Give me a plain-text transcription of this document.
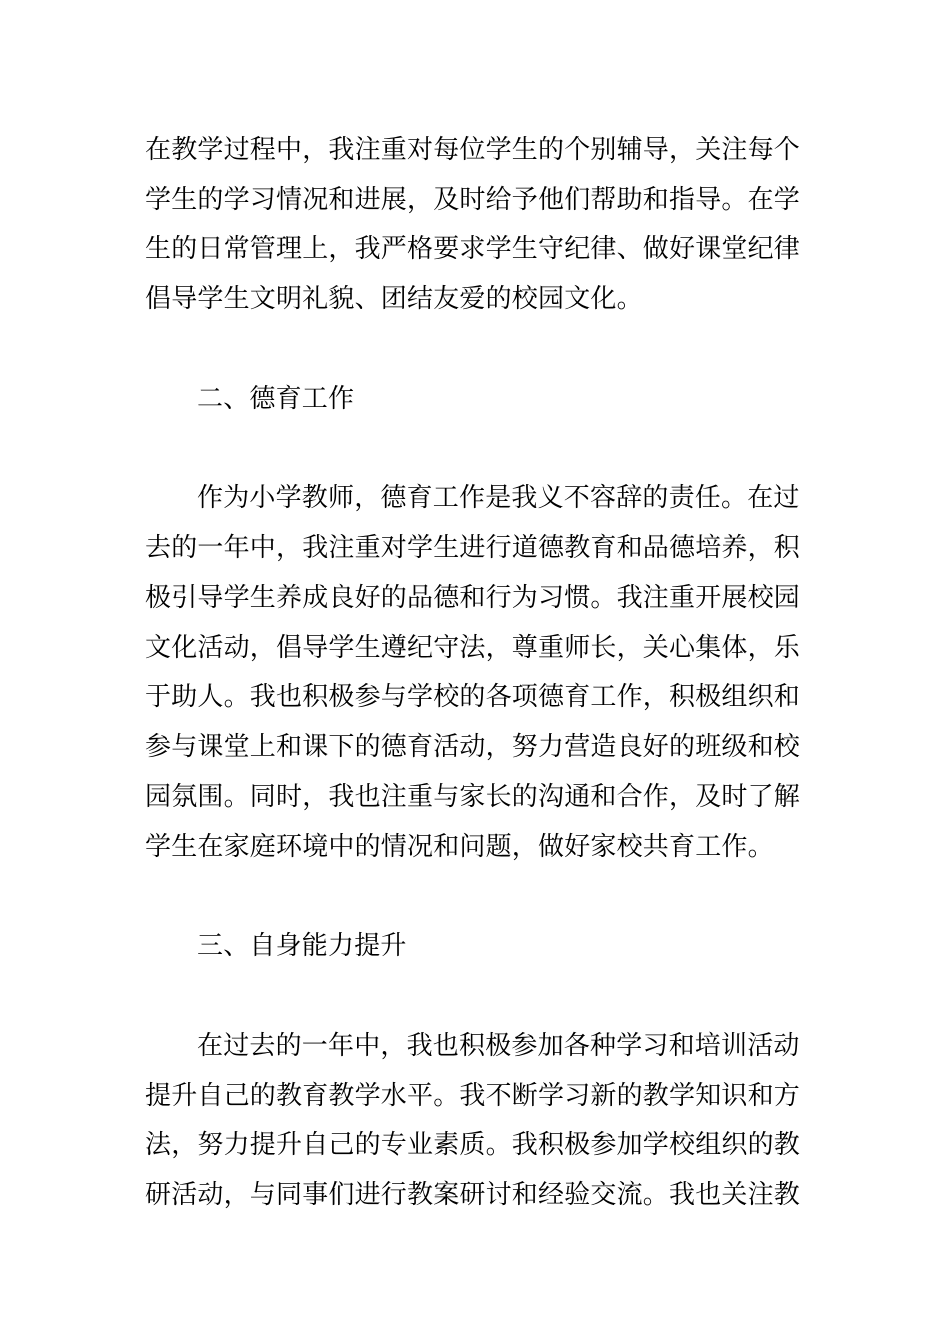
在教学过程中，我注重对每位学生的个别辅导，关注每个
学生的学习情况和进展，及时给予他们帮助和指导。在学
生的日常管理上，我严格要求学生守纪律、做好课堂纪律
倡导学生文明礼貌、团结友爱的校园文化。
二、德育工作
作为小学教师，德育工作是我义不容辞的责任。在过
去的一年中，我注重对学生进行道德教育和品德培养，积
极引导学生养成良好的品德和行为习惯。我注重开展校园
文化活动，倡导学生遵纪守法，尊重师长，关心集体，乐
于助人。我也积极参与学校的各项德育工作，积极组织和
参与课堂上和课下的德育活动，努力营造良好的班级和校
园氛围。同时，我也注重与家长的沟通和合作，及时了解
学生在家庭环境中的情况和问题，做好家校共育工作。
三、自身能力提升
在过去的一年中，我也积极参加各种学习和培训活动
提升自己的教育教学水平。我不断学习新的教学知识和方
法，努力提升自己的专业素质。我积极参加学校组织的教
研活动，与同事们进行教案研讨和经验交流。我也关注教
